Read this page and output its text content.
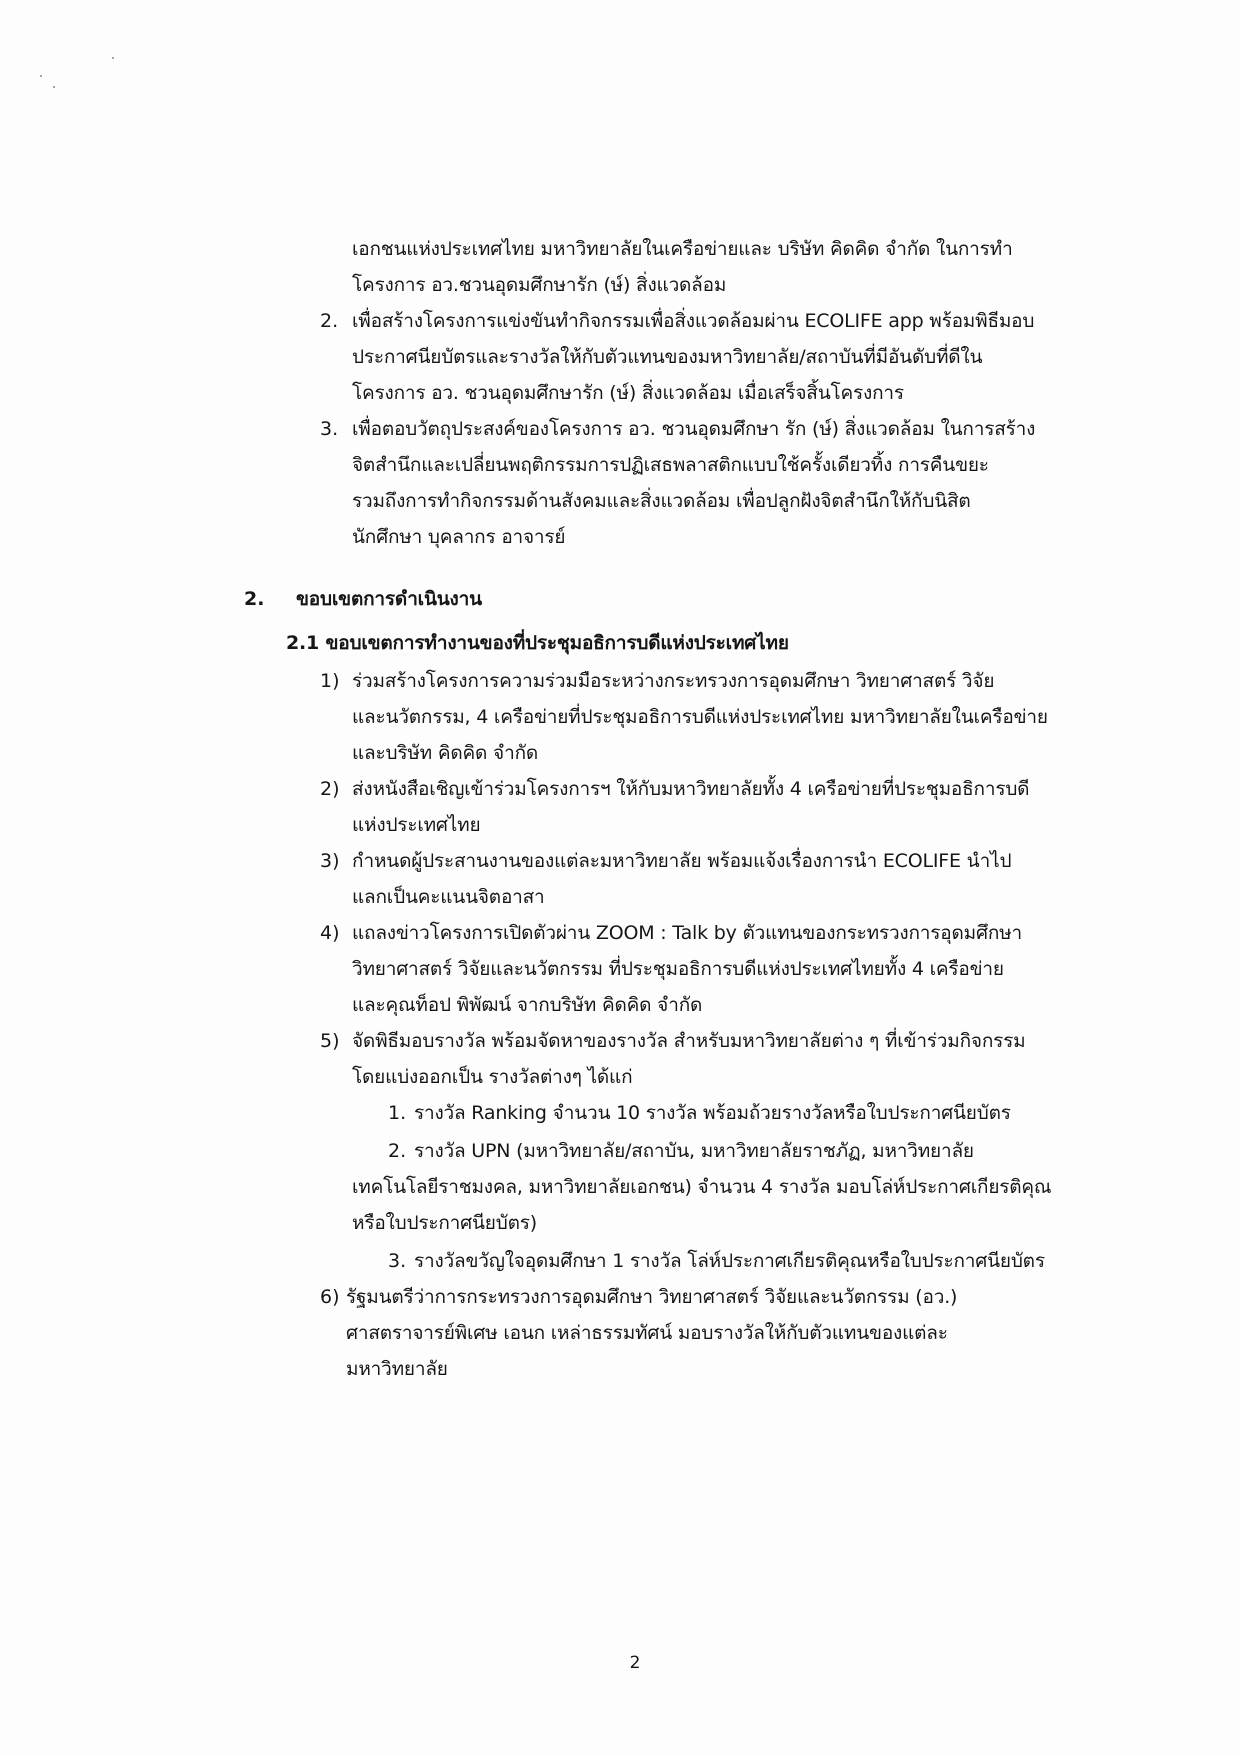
เอกชนแห่งประเทศไทย มหาวิทยาลัยในเครือข่ายและ บริษัท คิดคิด จำกัด ในการทำ
โครงการ อว.ชวนอุดมศึกษารัก (ษ์) สิ่งแวดล้อม
2. เพื่อสร้างโครงการแข่งขันทำกิจกรรมเพื่อสิ่งแวดล้อมผ่าน ECOLIFE app พร้อมพิธีมอบ
ประกาศนียบัตรและรางวัลให้กับตัวแทนของมหาวิทยาลัย/สถาบันที่มีอันดับที่ดีใน
โครงการ อว. ชวนอุดมศึกษารัก (ษ์) สิ่งแวดล้อม เมื่อเสร็จสิ้นโครงการ
3. เพื่อตอบวัตถุประสงค์ของโครงการ อว. ชวนอุดมศึกษา รัก (ษ์) สิ่งแวดล้อม ในการสร้าง
จิตสำนึกและเปลี่ยนพฤติกรรมการปฏิเสธพลาสติกแบบใช้ครั้งเดียวทิ้ง การคืนขยะ
รวมถึงการทำกิจกรรมด้านสังคมและสิ่งแวดล้อม เพื่อปลูกฝังจิตสำนึกให้กับนิสิต
นักศึกษา บุคลากร อาจารย์
2. ขอบเขตการดำเนินงาน
2.1 ขอบเขตการทำงานของที่ประชุมอธิการบดีแห่งประเทศไทย
1) ร่วมสร้างโครงการความร่วมมือระหว่างกระทรวงการอุดมศึกษา วิทยาศาสตร์ วิจัย
และนวัตกรรม, 4 เครือข่ายที่ประชุมอธิการบดีแห่งประเทศไทย มหาวิทยาลัยในเครือข่าย
และบริษัท คิดคิด จำกัด
2) ส่งหนังสือเชิญเข้าร่วมโครงการฯ ให้กับมหาวิทยาลัยทั้ง 4 เครือข่ายที่ประชุมอธิการบดี
แห่งประเทศไทย
3) กำหนดผู้ประสานงานของแต่ละมหาวิทยาลัย พร้อมแจ้งเรื่องการนำ ECOLIFE นำไป
แลกเป็นคะแนนจิตอาสา
4) แถลงข่าวโครงการเปิดตัวผ่าน ZOOM : Talk by ตัวแทนของกระทรวงการอุดมศึกษา
วิทยาศาสตร์ วิจัยและนวัตกรรม ที่ประชุมอธิการบดีแห่งประเทศไทยทั้ง 4 เครือข่าย
และคุณท็อป พิพัฒน์ จากบริษัท คิดคิด จำกัด
5) จัดพิธีมอบรางวัล พร้อมจัดหาของรางวัล สำหรับมหาวิทยาลัยต่าง ๆ ที่เข้าร่วมกิจกรรม
โดยแบ่งออกเป็น รางวัลต่างๆ ได้แก่
1. รางวัล Ranking จำนวน 10 รางวัล พร้อมถ้วยรางวัลหรือใบประกาศนียบัตร
2. รางวัล UPN (มหาวิทยาลัย/สถาบัน, มหาวิทยาลัยราชภัฏ, มหาวิทยาลัย
เทคโนโลยีราชมงคล, มหาวิทยาลัยเอกชน) จำนวน 4 รางวัล มอบโล่ห์ประกาศเกียรติคุณ
หรือใบประกาศนียบัตร)
3. รางวัลขวัญใจอุดมศึกษา 1 รางวัล โล่ห์ประกาศเกียรติคุณหรือใบประกาศนียบัตร
6) รัฐมนตรีว่าการกระทรวงการอุดมศึกษา วิทยาศาสตร์ วิจัยและนวัตกรรม (อว.)
ศาสตราจารย์พิเศษ เอนก เหล่าธรรมทัศน์ มอบรางวัลให้กับตัวแทนของแต่ละ
มหาวิทยาลัย
2
